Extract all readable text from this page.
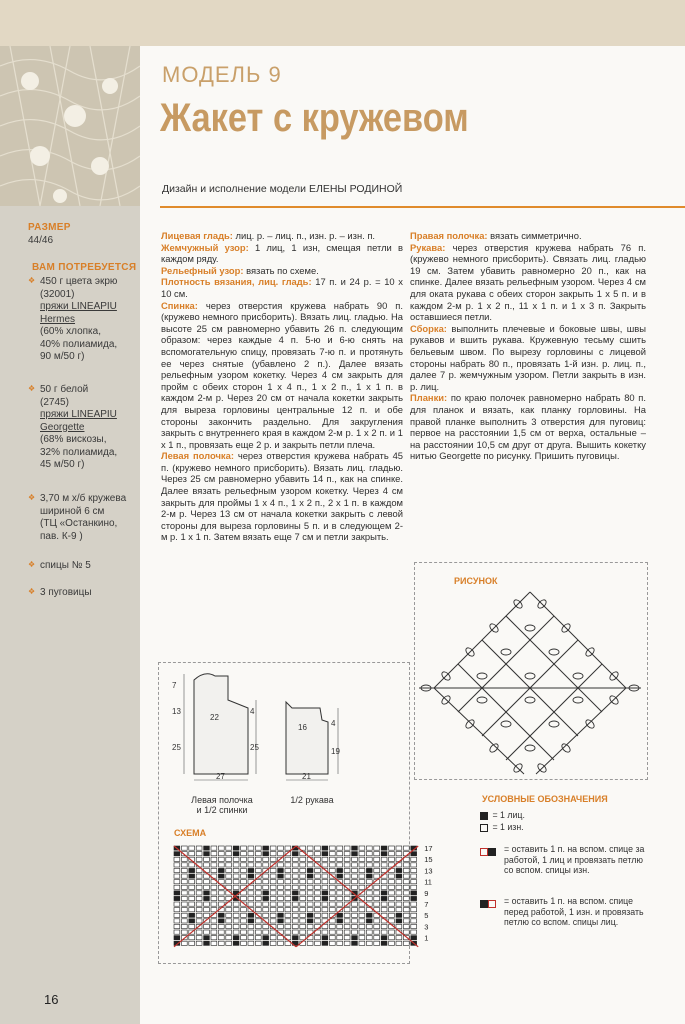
МОДЕЛЬ 9
Жакет с кружевом
Дизайн и исполнение модели ЕЛЕНЫ РОДИНОЙ
РАЗМЕР
44/46
ВАМ ПОТРЕБУЕТСЯ
❖ 450 г цвета экрю
(32001)
пряжи LINEAPIU
Hermes
(60% хлопка,
40% полиамида,
90 м/50 г)
❖ 50 г белой
(2745)
пряжи LINEAPIU
Georgette
(68% вискозы,
32% полиамида,
45 м/50 г)
❖ 3,70 м х/б кружева
шириной 6 см
(ТЦ «Останкино,
пав. К-9 )
❖ спицы № 5
❖ 3 пуговицы

Лицевая гладь: лиц. р. – лиц. п., изн. р. – изн. п.

Жемчужный узор: 1 лиц, 1 изн, смещая петли в каждом ряду.

Рельефный узор: вязать по схеме.

Плотность вязания, лиц. гладь: 17 п. и 24 р. = 10 х 10 см.

Спинка: через отверстия кружева набрать 90 п. (кружево немного присборить). Вязать лиц. гладью. На высоте 25 см равномерно убавить 26 п. следующим образом: через каждые 4 п. 5-ю и 6-ю снять на вспомогательную спицу, провязать 7-ю п. и протянуть ее через снятые (убавлено 2 п.). Далее вязать рельефным узором кокетку. Через 4 см закрыть для пройм с обеих сторон 1 х 4 п., 1 х 2 п., 1 х 1 п. в каждом 2-м р. Через 20 см от начала кокетки закрыть для выреза горловины центральные 12 п. и обе стороны закончить раздельно. Для закругления закрыть с внутреннего края в каждом 2-м р. 1 х 2 п. и 1 х 1 п., провязать еще 2 р. и закрыть петли плеча.

Левая полочка: через отверстия кружева набрать 45 п. (кружево немного присборить). Вязать лиц. гладью. Через 25 см равномерно убавить 14 п., как на спинке. Далее вязать рельефным узором кокетку. Через 4 см закрыть для проймы 1 х 4 п., 1 х 2 п., 2 х 1 п. в каждом 2-м р. Через 13 см от начала кокетки закрыть с левой стороны для выреза горловины 5 п. и в следующем 2-м р. 1 х 1 п. Затем вязать еще 7 см и петли закрыть.

Правая полочка: вязать симметрично.

Рукава: через отверстия кружева набрать 76 п. (кружево немного присборить). Связать лиц. гладью 19 см. Затем убавить равномерно 20 п., как на спинке. Далее вязать рельефным узором. Через 4 см для оката рукава с обеих сторон закрыть 1 х 5 п. и в каждом 2-м р. 1 х 2 п., 11 х 1 п. и 1 х 3 п. Закрыть оставшиеся петли.

Сборка: выполнить плечевые и боковые швы, швы рукавов и вшить рукава. Кружевную тесьму сшить бельевым швом. По вырезу горловины с лицевой стороны набрать 80 п., провязать 1-й изн. р. лиц. п., далее 7 р. жемчужным узором. Петли закрыть в изн. р. лиц.

Планки: по краю полочек равномерно набрать 80 п. для планок и вязать, как планку горловины. На правой планке выполнить 3 отверстия для пуговиц: первое на расстоянии 1,5 см от верха, остальные – на расстоянии 10,5 см друг от друга. Вышить кокетку нитью Georgette по рисунку. Пришить пуговицы.

РИСУНОК
7
13
25
22
4
25
27
16	4
19
21
Левая полочка
и 1/2 спинки
1/2 рукава
СХЕМА
17
15
13
11
9
7
5
3
1
УСЛОВНЫЕ ОБОЗНАЧЕНИЯ
= 1 лиц.
= 1 изн.
= оставить 1 п. на вспом. спице за работой, 1 лиц и провязать петлю со вспом. спицы изн.
= оставить 1 п. на вспом. спице перед работой, 1 изн. и провязать петлю со вспом. спицы лиц.
16
